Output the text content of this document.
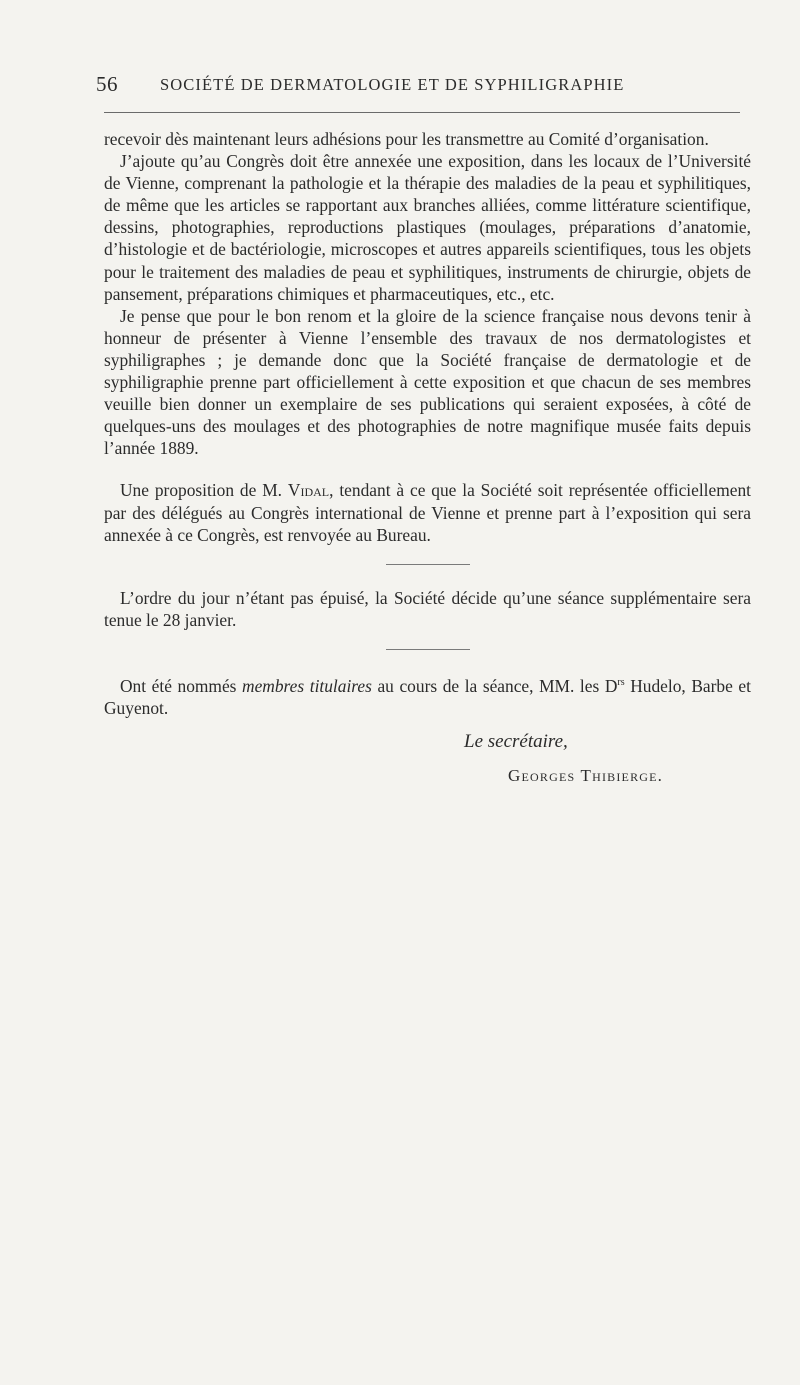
56	SOCIÉTÉ DE DERMATOLOGIE ET DE SYPHILIGRAPHIE

recevoir dès maintenant leurs adhésions pour les transmettre au Comité d’organisation.

J’ajoute qu’au Congrès doit être annexée une exposition, dans les locaux de l’Université de Vienne, comprenant la pathologie et la thérapie des maladies de la peau et syphilitiques, de même que les articles se rapportant aux branches alliées, comme littérature scientifique, dessins, photographies, reproductions plastiques (moulages, préparations d’anatomie, d’histologie et de bactériologie, microscopes et autres appareils scientifiques, tous les objets pour le traitement des maladies de peau et syphilitiques, instruments de chirurgie, objets de pansement, préparations chimiques et pharmaceutiques, etc., etc.

Je pense que pour le bon renom et la gloire de la science française nous devons tenir à honneur de présenter à Vienne l’ensemble des travaux de nos dermatologistes et syphiligraphes ; je demande donc que la Société française de dermatologie et de syphiligraphie prenne part officiellement à cette exposition et que chacun de ses membres veuille bien donner un exemplaire de ses publications qui seraient exposées, à côté de quelques-uns des moulages et des photographies de notre magnifique musée faits depuis l’année 1889.

Une proposition de M. Vidal, tendant à ce que la Société soit représentée officiellement par des délégués au Congrès international de Vienne et prenne part à l’exposition qui sera annexée à ce Congrès, est renvoyée au Bureau.

L’ordre du jour n’étant pas épuisé, la Société décide qu’une séance supplémentaire sera tenue le 28 janvier.

Ont été nommés membres titulaires au cours de la séance, MM. les $D^{rs}$ Hudelo, Barbe et Guyenot.

Le secrétaire,
Georges Thibierge.
